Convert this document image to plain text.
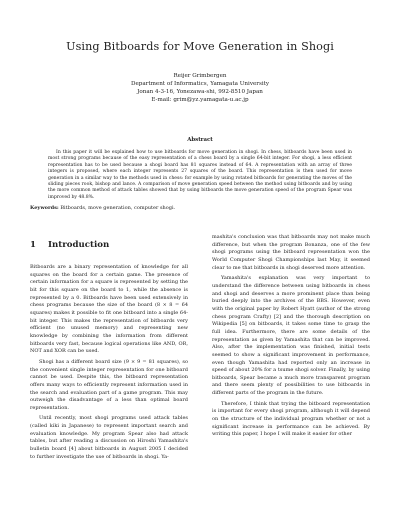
Using Bitboards for Move Generation in Shogi
Reijer Grimbergen
Department of Informatics, Yamagata University
Jonan 4-3-16, Yonezawa-shi, 992-8510 Japan
E-mail: grim@yz.yamagata-u.ac.jp
Abstract

In this paper it will be explained how to use bitboards for move generation in shogi. In chess, bitboards have been used in most strong programs because of the easy representation of a chess board by a single 64-bit integer. For shogi, a less efficient representation has to be used because a shogi board has 81 squares instead of 64. A representation with an array of three integers is proposed, where each integer represents 27 squares of the board. This representation is then used for move generation in a similar way to the methods used in chess: for example by using rotated bitboards for generating the moves of the sliding pieces rook, bishop and lance. A comparison of move generation speed between the method using bitboards and by using the more common method of attack tables showed that by using bitboards the move generation speed of the program Spear was improved by 48.8%.

Keywords: Bitboards, move generation, computer shogi.
1 Introduction

Bitboards are a binary representation of knowledge for all squares on the board for a certain game. The presence of certain information for a square is represented by setting the bit for this square on the board to 1, while the absence is represented by a 0. Bitboards have been used extensively in chess programs because the size of the board (8 × 8 = 64 squares) makes it possible to fit one bitboard into a single 64-bit integer. This makes the representation of bitboards very efficient (no unused memory) and representing new knowledge by combining the information from different bitboards very fast, because logical operations like AND, OR, NOT and XOR can be used.

Shogi has a different board size (9 × 9 = 81 squares), so the convenient single integer representation for one bitboard cannot be used. Despite this, the bitboard representation offers many ways to efficiently represent information used in the search and evaluation part of a game program. This may outweigh the disadvantage of a less than optimal board representation.

Until recently, most shogi programs used attack tables (called kiki in Japanese) to represent important search and evaluation knowledge. My program Spear also had attack tables, but after reading a discussion on Hiroshi Yamashita's bulletin board [4] about bitboards in August 2005 I decided to further investigate the use of bitboards in shogi. Ya-

mashita's conclusion was that bitboards may not make much difference, but when the program Bonanza, one of the few shogi programs using the bitboard representation won the World Computer Shogi Championships last May, it seemed clear to me that bitboards in shogi deserved more attention.

Yamashita's explanation was very important to understand the difference between using bitboards in chess and shogi and deserves a more prominent place than being buried deeply into the archives of the BBS. However, even with the original paper by Robert Hyatt (author of the strong chess program Crafty) [2] and the thorough description on Wikipedia [5] on bitboards, it takes some time to grasp the full idea. Furthermore, there are some details of the representation as given by Yamashita that can be improved. Also, after the implementation was finished, initial tests seemed to show a significant improvement in performance, even though Yamashita had reported only an increase in speed of about 20% for a tsume shogi solver. Finally, by using bitboards, Spear became a much more transparent program and there seem plenty of possibilities to use bitboards in different parts of the program in the future.

Therefore, I think that trying the bitboard representation is important for every shogi program, although it will depend on the structure of the individual program whether or not a significant increase in performance can be achieved. By writing this paper, I hope I will make it easier for other
